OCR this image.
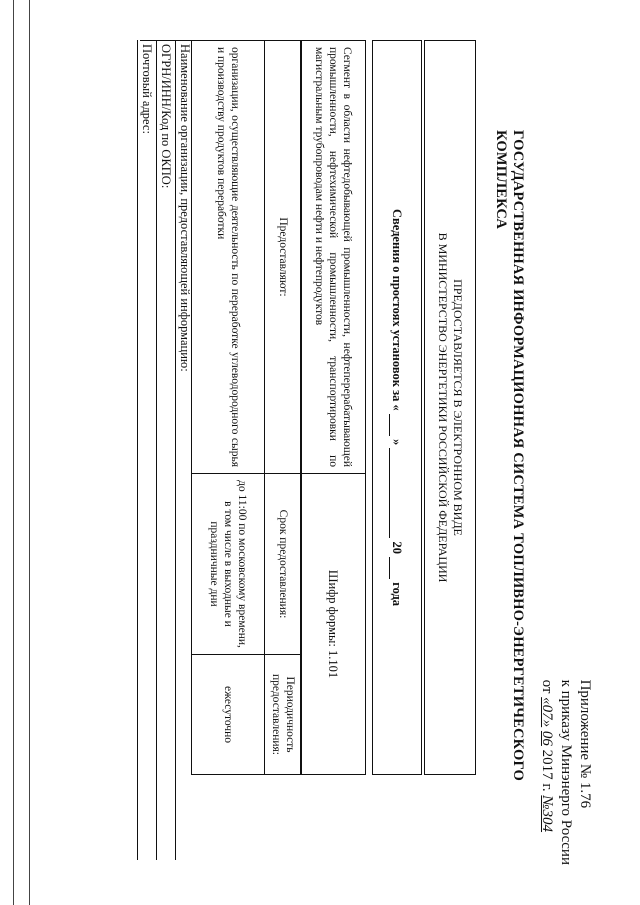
Приложение № 1.76
к приказу Минэнерго России
от «07» 06 2017 г. №304
ГОСУДАРСТВЕННАЯ ИНФОРМАЦИОННАЯ СИСТЕМА ТОПЛИВНО-ЭНЕРГЕТИЧЕСКОГО КОМПЛЕКСА
ПРЕДОСТАВЛЯЕТСЯ В ЭЛЕКТРОННОМ ВИДЕ
В МИНИСТЕРСТВО ЭНЕРГЕТИКИ РОССИЙСКОЙ ФЕДЕРАЦИИ
Сведения о простоях установок за «  »  20  года
Сегмент в области нефтедобывающей промышленности, нефтеперерабатывающей промышленности, нефтехимической промышленности, транспортировки по магистральным трубопроводам нефти и нефтепродуктов	Шифр формы: 1.101
Предоставляют:	Срок предоставления:	Периодичность предоставления:
организации, осуществляющие деятельность по переработке углеводородного сырья и производству продуктов переработки	до 11:00 по московскому времени, в том числе в выходные и праздничные дни	ежесуточно
Наименование организации, предоставляющей информацию:
ОГРН/ИНН/Код по ОКПО:
Почтовый адрес:
